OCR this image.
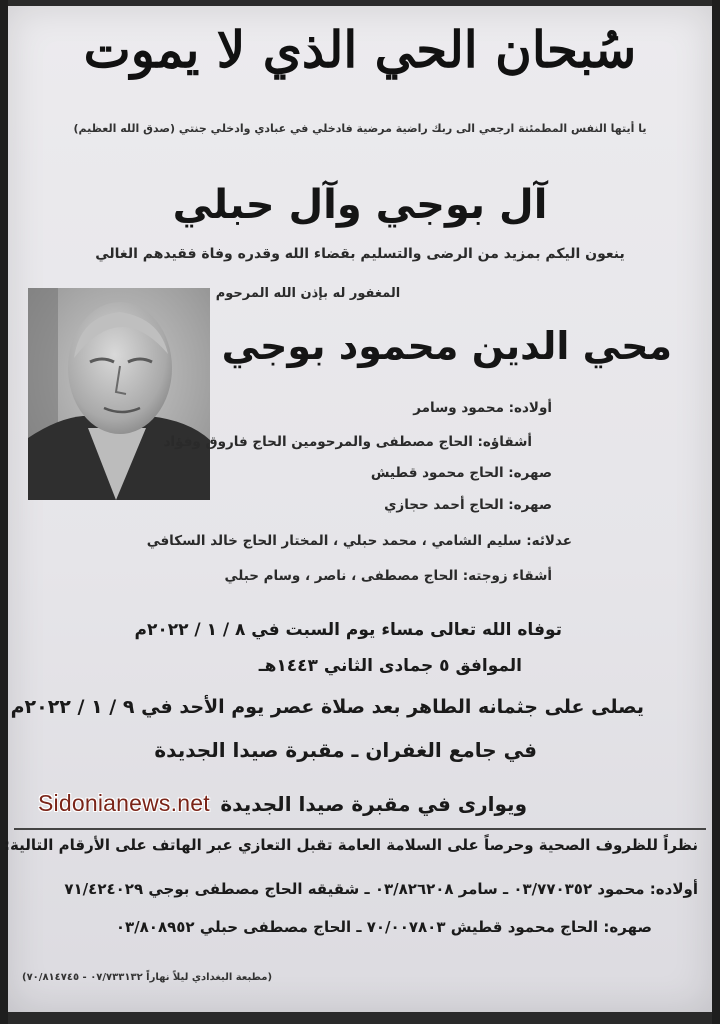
سُبحان الحي الذي لا يموت
يا أيتها النفس المطمئنة ارجعي الى ربك راضية مرضية فادخلي في عبادي وادخلي جنتي (صدق الله العظيم)
آل بوجي وآل حبلي
ينعون اليكم بمزيد من الرضى والتسليم بقضاء الله وقدره وفاة فقيدهم الغالي
المغفور له بإذن الله المرحوم
محي الدين محمود بوجي
أولاده: محمود وسامر
أشقاؤه: الحاج مصطفى والمرحومين الحاج فاروق وفؤاد
صهره: الحاج محمود قطيش
صهره: الحاج أحمد حجازي
عدلائه: سليم الشامي ، محمد حبلي ، المختار الحاج خالد السكافي
أشقاء زوجته: الحاج مصطفى ، ناصر ، وسام حبلي
توفاه الله تعالى مساء يوم السبت في ٨ / ١ / ٢٠٢٢م
الموافق ٥ جمادى الثاني ١٤٤٣هـ
يصلى على جثمانه الطاهر بعد صلاة عصر يوم الأحد في ٩ / ١ / ٢٠٢٢م
في جامع الغفران ـ مقبرة صيدا الجديدة
ويوارى في مقبرة صيدا الجديدة
Sidonianews.net
نظراً للظروف الصحية وحرصاً على السلامة العامة تقبل التعازي عبر الهاتف على الأرقام التالية:
أولاده: محمود ٠٣/٧٧٠٣٥٢ ـ سامر ٠٣/٨٢٦٢٠٨ ـ شقيقه الحاج مصطفى بوجي ٧١/٤٢٤٠٢٩
صهره: الحاج محمود قطيش ٧٠/٠٠٧٨٠٣ ـ الحاج مصطفى حبلي ٠٣/٨٠٨٩٥٢
(مطبعة البغدادي ليلاً نهاراً ٠٧/٧٣٣١٣٢ - ٧٠/٨١٤٧٤٥)
